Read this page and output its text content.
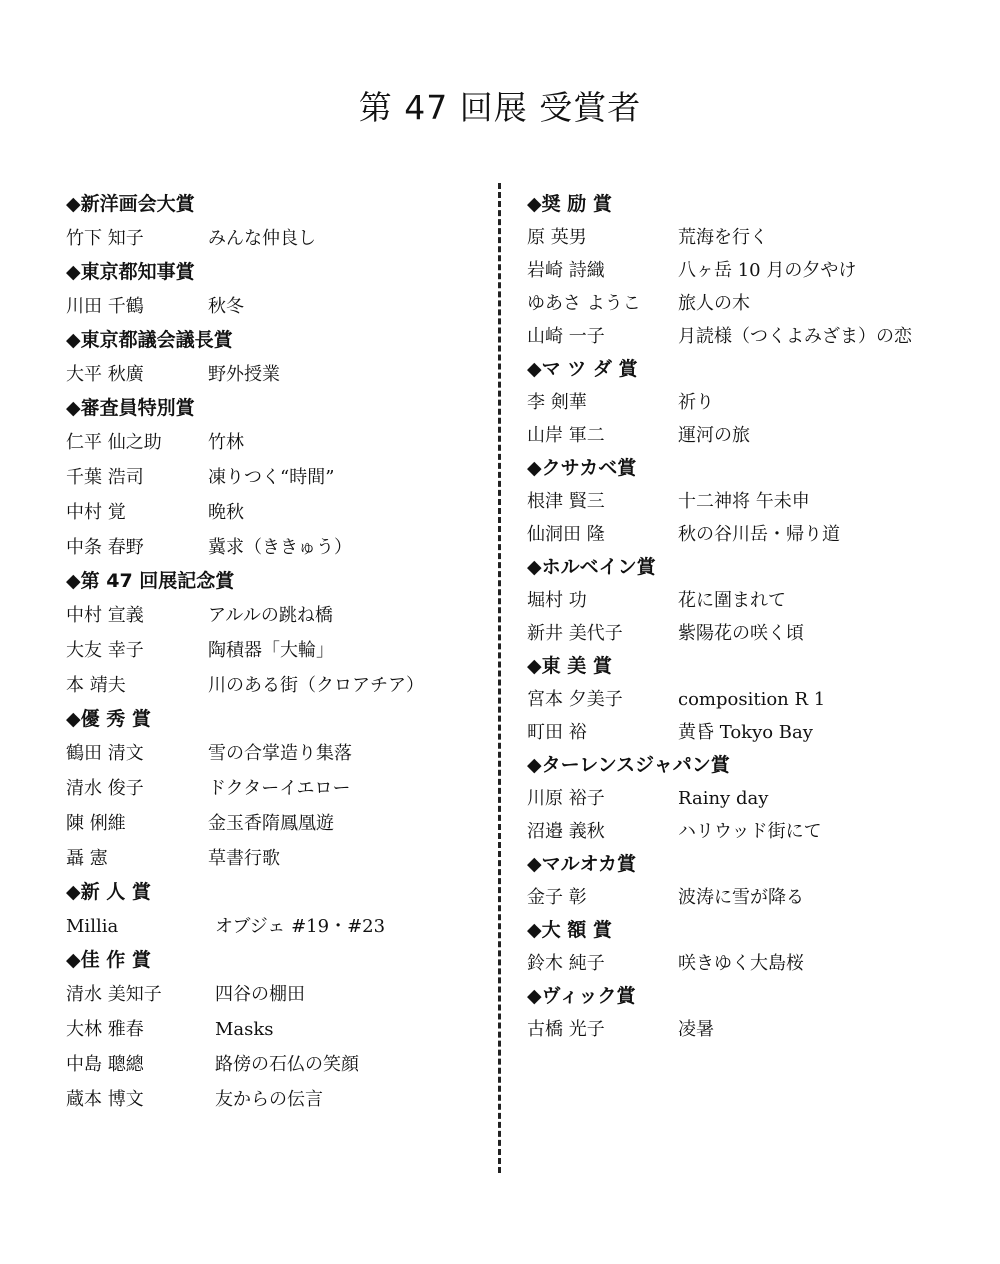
第 47 回展 受賞者
◆新洋画会大賞
竹下 知子	みんな仲良し
◆東京都知事賞
川田 千鶴	秋冬
◆東京都議会議長賞
大平 秋廣	野外授業
◆審査員特別賞
仁平 仙之助	竹林
千葉 浩司	凍りつく“時間”
中村 覚	晩秋
中条 春野	冀求（ききゅう）
◆第 47 回展記念賞
中村 宣義	アルルの跳ね橋
大友 幸子	陶積器「大輪」
本 靖夫	川のある街（クロアチア）
◆優 秀 賞
鶴田 清文	雪の合掌造り集落
清水 俊子	ドクターイエロー
陳 俐維	金玉香隋鳳凰遊
聶 憲	草書行歌
◆新 人 賞
Millia	オブジェ #19・#23
◆佳 作 賞
清水 美知子	四谷の棚田
大林 雅春	Masks
中島 聰總	路傍の石仏の笑顔
蔵本 博文	友からの伝言
◆奨 励 賞
原 英男	荒海を行く
岩崎 詩織	八ヶ岳 10 月の夕やけ
ゆあさ ようこ	旅人の木
山崎 一子	月読様（つくよみざま）の恋
◆マ ツ ダ 賞
李 剣華	祈り
山岸 軍二	運河の旅
◆クサカベ賞
根津 賢三	十二神将 午未申
仙洞田 隆	秋の谷川岳・帰り道
◆ホルベイン賞
堀村 功	花に圍まれて
新井 美代子	紫陽花の咲く頃
◆東 美 賞
宮本 夕美子	composition R 1
町田 裕	黄昏 Tokyo Bay
◆ターレンスジャパン賞
川原 裕子	Rainy day
沼邉 義秋	ハリウッド街にて
◆マルオカ賞
金子 彰	波涛に雪が降る
◆大 額 賞
鈴木 純子	咲きゆく大島桜
◆ヴィック賞
古橋 光子	凌暑
